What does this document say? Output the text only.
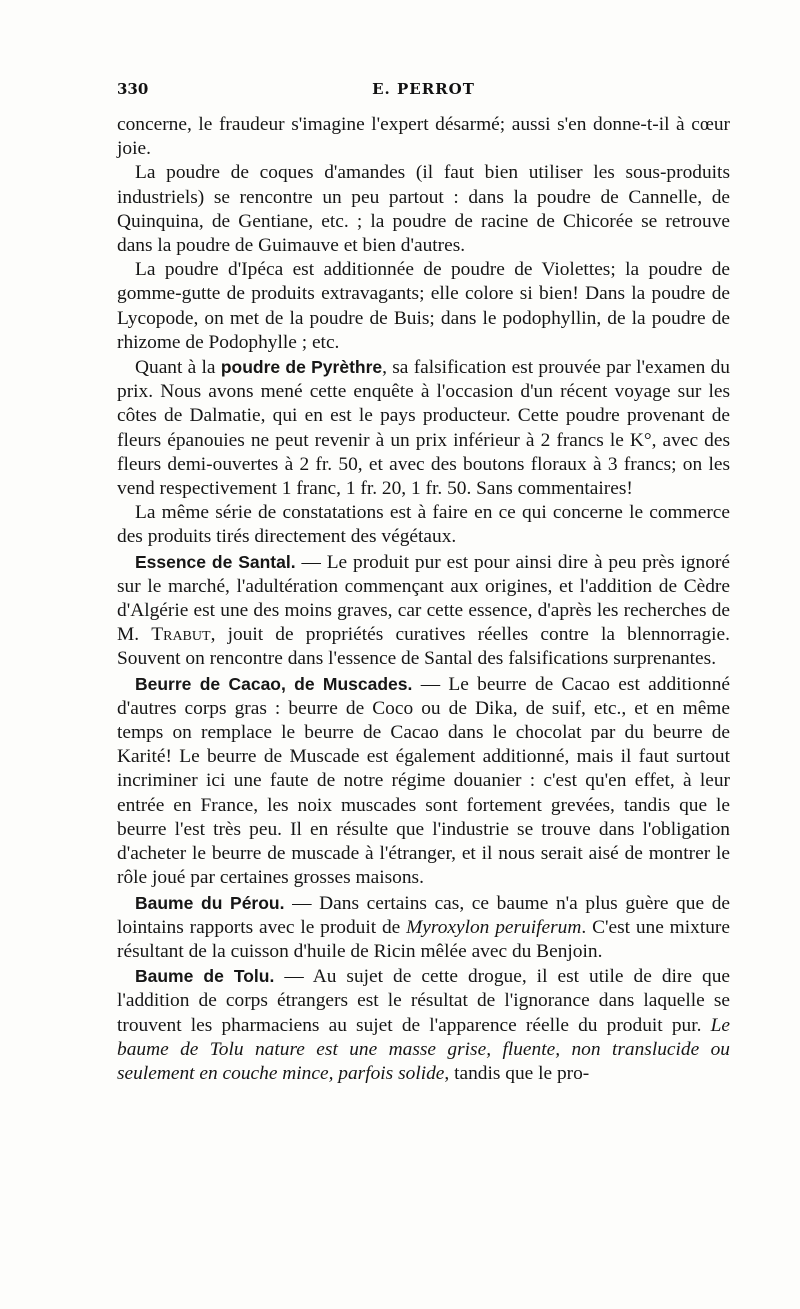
330	E. PERROT

concerne, le fraudeur s'imagine l'expert désarmé; aussi s'en donne-t-il à cœur joie.

La poudre de coques d'amandes (il faut bien utiliser les sous-produits industriels) se rencontre un peu partout : dans la poudre de Cannelle, de Quinquina, de Gentiane, etc. ; la poudre de racine de Chicorée se retrouve dans la poudre de Guimauve et bien d'autres.

La poudre d'Ipéca est additionnée de poudre de Violettes; la poudre de gomme-gutte de produits extravagants; elle colore si bien! Dans la poudre de Lycopode, on met de la poudre de Buis; dans le podophyllin, de la poudre de rhizome de Podophylle ; etc.

Quant à la poudre de Pyrèthre, sa falsification est prouvée par l'examen du prix. Nous avons mené cette enquête à l'occasion d'un récent voyage sur les côtes de Dalmatie, qui en est le pays producteur. Cette poudre provenant de fleurs épanouies ne peut revenir à un prix inférieur à 2 francs le K°, avec des fleurs demi-ouvertes à 2 fr. 50, et avec des boutons floraux à 3 francs; on les vend respectivement 1 franc, 1 fr. 20, 1 fr. 50. Sans commentaires!

La même série de constatations est à faire en ce qui concerne le commerce des produits tirés directement des végétaux.

Essence de Santal. — Le produit pur est pour ainsi dire à peu près ignoré sur le marché, l'adultération commençant aux origines, et l'addition de Cèdre d'Algérie est une des moins graves, car cette essence, d'après les recherches de M. Trabut, jouit de propriétés curatives réelles contre la blennorragie. Souvent on rencontre dans l'essence de Santal des falsifications surprenantes.

Beurre de Cacao, de Muscades. — Le beurre de Cacao est additionné d'autres corps gras : beurre de Coco ou de Dika, de suif, etc., et en même temps on remplace le beurre de Cacao dans le chocolat par du beurre de Karité! Le beurre de Muscade est également additionné, mais il faut surtout incriminer ici une faute de notre régime douanier : c'est qu'en effet, à leur entrée en France, les noix muscades sont fortement grevées, tandis que le beurre l'est très peu. Il en résulte que l'industrie se trouve dans l'obligation d'acheter le beurre de muscade à l'étranger, et il nous serait aisé de montrer le rôle joué par certaines grosses maisons.

Baume du Pérou. — Dans certains cas, ce baume n'a plus guère que de lointains rapports avec le produit de Myroxylon peruiferum. C'est une mixture résultant de la cuisson d'huile de Ricin mêlée avec du Benjoin.

Baume de Tolu. — Au sujet de cette drogue, il est utile de dire que l'addition de corps étrangers est le résultat de l'ignorance dans laquelle se trouvent les pharmaciens au sujet de l'apparence réelle du produit pur. Le baume de Tolu nature est une masse grise, fluente, non translucide ou seulement en couche mince, parfois solide, tandis que le pro-
